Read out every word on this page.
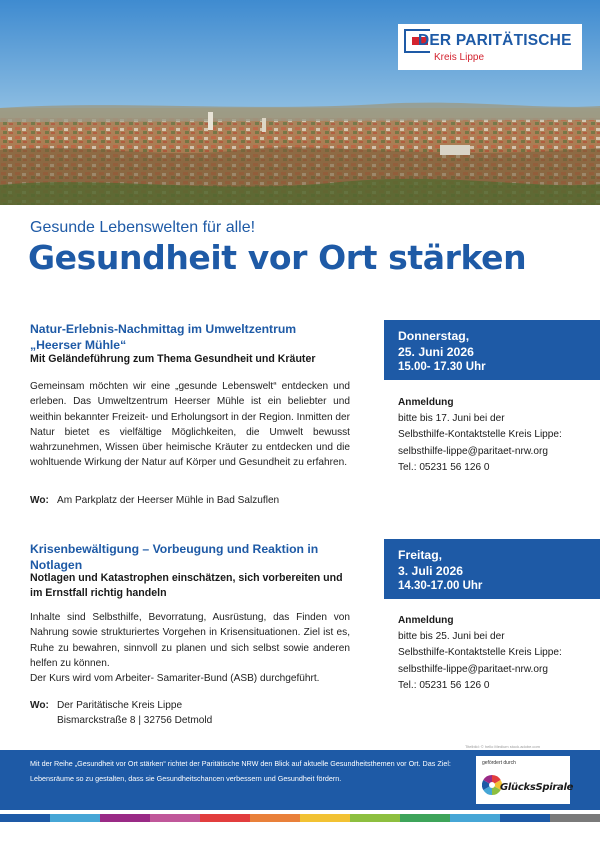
DER PARITÄTISCHE
Kreis Lippe
Gesunde Lebenswelten für alle!
Gesundheit vor Ort stärken
Natur-Erlebnis-Nachmittag im Umweltzentrum „Heerser Mühle“
Mit Geländeführung zum Thema Gesundheit und Kräuter
Gemeinsam möchten wir eine „gesunde Lebenswelt“ entdecken und erleben. Das Umweltzentrum Heerser Mühle ist ein beliebter und weithin bekannter Freizeit- und Erholungsort in der Region. Inmitten der Natur bietet es vielfältige Möglichkeiten, die Umwelt bewusst wahrzunehmen, Wissen über heimische Kräuter zu entdecken und die wohltuende Wirkung der Natur auf Körper und Gesundheit zu erfahren.
Wo: Am Parkplatz der Heerser Mühle in Bad Salzuflen
Donnerstag,
25. Juni 2026
15.00- 17.30 Uhr
Anmeldung
bitte bis 17. Juni bei der
Selbsthilfe-Kontaktstelle Kreis Lippe:
selbsthilfe-lippe@paritaet-nrw.org
Tel.: 05231 56 126 0
Krisenbewältigung – Vorbeugung und Reaktion in Notlagen
Notlagen und Katastrophen einschätzen, sich vorbereiten und im Ernstfall richtig handeln
Inhalte sind Selbsthilfe, Bevorratung, Ausrüstung, das Finden von Nahrung sowie strukturiertes Vorgehen in Krisensituationen. Ziel ist es, Ruhe zu bewahren, sinnvoll zu planen und sich selbst sowie anderen helfen zu können.
Der Kurs wird vom Arbeiter- Samariter-Bund (ASB) durchgeführt.
Wo: Der Paritätische Kreis Lippe
Bismarckstraße 8 | 32756 Detmold
Freitag,
3. Juli 2026
14.30-17.00 Uhr
Anmeldung
bitte bis 25. Juni bei der
Selbsthilfe-Kontaktstelle Kreis Lippe:
selbsthilfe-lippe@paritaet-nrw.org
Tel.: 05231 56 126 0
Titelbild: © hello Medium stock.adobe.com
Mit der Reihe „Gesundheit vor Ort stärken“ richtet der Paritätische NRW den Blick auf aktuelle Gesundheitsthemen vor Ort. Das Ziel: Lebensräume so zu gestalten, dass sie Gesundheitschancen verbessern und Gesundheit fördern.
gefördert durch
GlücksSpirale
